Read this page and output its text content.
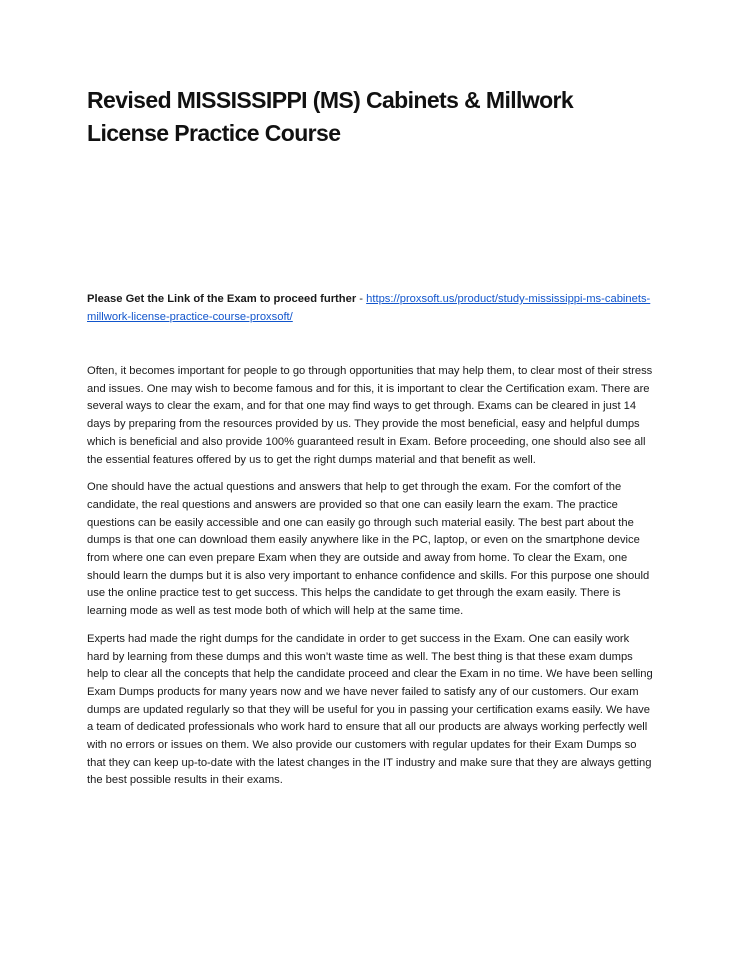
Revised MISSISSIPPI (MS) Cabinets & Millwork License Practice Course

Please Get the Link of the Exam to proceed further - https://proxsoft.us/product/study-mississippi-ms-cabinets-millwork-license-practice-course-proxsoft/

Often, it becomes important for people to go through opportunities that may help them, to clear most of their stress and issues. One may wish to become famous and for this, it is important to clear the Certification exam. There are several ways to clear the exam, and for that one may find ways to get through. Exams can be cleared in just 14 days by preparing from the resources provided by us. They provide the most beneficial, easy and helpful dumps which is beneficial and also provide 100% guaranteed result in Exam. Before proceeding, one should also see all the essential features offered by us to get the right dumps material and that benefit as well.

One should have the actual questions and answers that help to get through the exam. For the comfort of the candidate, the real questions and answers are provided so that one can easily learn the exam. The practice questions can be easily accessible and one can easily go through such material easily. The best part about the dumps is that one can download them easily anywhere like in the PC, laptop, or even on the smartphone device from where one can even prepare Exam when they are outside and away from home. To clear the Exam, one should learn the dumps but it is also very important to enhance confidence and skills. For this purpose one should use the online practice test to get success. This helps the candidate to get through the exam easily. There is learning mode as well as test mode both of which will help at the same time.

Experts had made the right dumps for the candidate in order to get success in the Exam. One can easily work hard by learning from these dumps and this won’t waste time as well. The best thing is that these exam dumps help to clear all the concepts that help the candidate proceed and clear the Exam in no time. We have been selling Exam Dumps products for many years now and we have never failed to satisfy any of our customers. Our exam dumps are updated regularly so that they will be useful for you in passing your certification exams easily. We have a team of dedicated professionals who work hard to ensure that all our products are always working perfectly well with no errors or issues on them. We also provide our customers with regular updates for their Exam Dumps so that they can keep up-to-date with the latest changes in the IT industry and make sure that they are always getting the best possible results in their exams.
